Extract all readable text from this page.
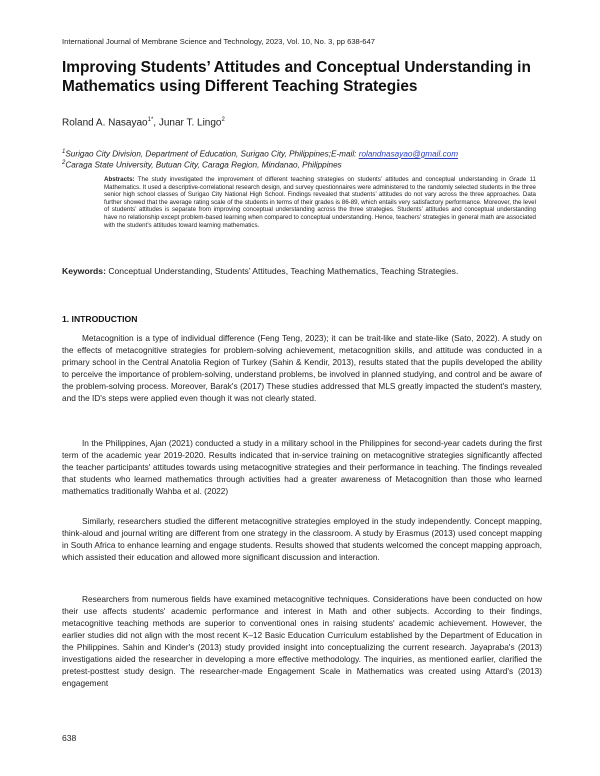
International Journal of Membrane Science and Technology, 2023, Vol. 10, No. 3, pp 638-647
Improving Students’ Attitudes and Conceptual Understanding in Mathematics using Different Teaching Strategies
Roland A. Nasayao$^{1*}$, Junar T. Lingo$^2$
$^1$Surigao City Division, Department of Education, Surigao City, Philippines;E-mail: rolandnasayao@gmail.com
$^2$Caraga State University, Butuan City, Caraga Region, Mindanao, Philippines
Abstracts: The study investigated the improvement of different teaching strategies on students’ attitudes and conceptual understanding in Grade 11 Mathematics. It used a descriptive-correlational research design, and survey questionnaires were administered to the randomly selected students in the three senior high school classes of Surigao City National High School. Findings revealed that students’ attitudes do not vary across the three approaches. Data further showed that the average rating scale of the students in terms of their grades is 86-89, which entails very satisfactory performance. Moreover, the level of students’ attitudes is separate from improving conceptual understanding across the three strategies. Students’ attitudes and conceptual understanding have no relationship except problem-based learning when compared to conceptual understanding. Hence, teachers’ strategies in general math are associated with the student's attitudes toward learning mathematics.
Keywords: Conceptual Understanding, Students’ Attitudes, Teaching Mathematics, Teaching Strategies.
1. INTRODUCTION

Metacognition is a type of individual difference (Feng Teng, 2023); it can be trait-like and state-like (Sato, 2022). A study on the effects of metacognitive strategies for problem-solving achievement, metacognition skills, and attitude was conducted in a primary school in the Central Anatolia Region of Turkey (Sahin & Kendir, 2013), results stated that the pupils developed the ability to perceive the importance of problem-solving, understand problems, be involved in planned studying, and control and be aware of the problem-solving process. Moreover, Barak's (2017) These studies addressed that MLS greatly impacted the student's mastery, and the ID's steps were applied even though it was not clearly stated.

In the Philippines, Ajan (2021) conducted a study in a military school in the Philippines for second-year cadets during the first term of the academic year 2019-2020. Results indicated that in-service training on metacognitive strategies significantly affected the teacher participants' attitudes towards using metacognitive strategies and their performance in teaching. The findings revealed that students who learned mathematics through activities had a greater awareness of Metacognition than those who learned mathematics traditionally Wahba et al. (2022)

Similarly, researchers studied the different metacognitive strategies employed in the study independently. Concept mapping, think-aloud and journal writing are different from one strategy in the classroom. A study by Erasmus (2013) used concept mapping in South Africa to enhance learning and engage students. Results showed that students welcomed the concept mapping approach, which assisted their education and allowed more significant discussion and interaction.

Researchers from numerous fields have examined metacognitive techniques. Considerations have been conducted on how their use affects students' academic performance and interest in Math and other subjects. According to their findings, metacognitive teaching methods are superior to conventional ones in raising students' academic achievement. However, the earlier studies did not align with the most recent K–12 Basic Education Curriculum established by the Department of Education in the Philippines. Sahin and Kinder's (2013) study provided insight into conceptualizing the current research. Jayapraba's (2013) investigations aided the researcher in developing a more effective methodology. The inquiries, as mentioned earlier, clarified the pretest-posttest study design. The researcher-made Engagement Scale in Mathematics was created using Attard's (2013) engagement

638
